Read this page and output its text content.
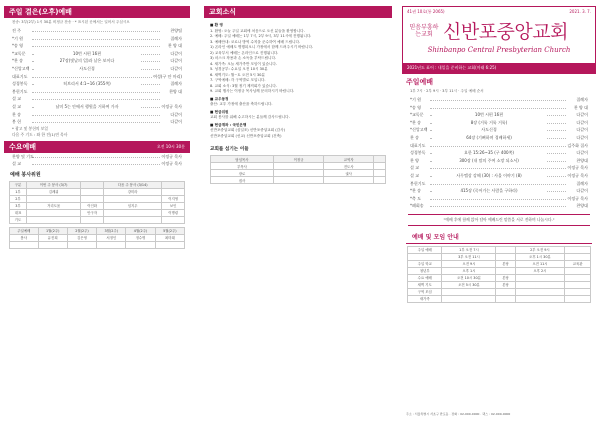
주일 결은(오후)예배
찬송: 3부(2부) 1시 30분 비정규 찬송 · * 표시된 곳에서는 일어서 주십시오
전 주	찬양팀
*기 원	집례자
*송 영	찬 양 대
*교독문	10번 시편 16편	다같이
*찬 송	27장(빛날의 일)과 날은 보이다	다같이
*신앙고백	사도신경	다같이
대표기도	여성(구 안 마리)
성경봉독	히브리서 4:1~16 (355쪽)	집례자
봉헌기도	찬양 대
설 교
설 교	남미 5는 안에서 행원을 거하여 가자	이정규 목사
찬 송	다같이
봉 헌	다같이
* 광고 및 봉헌의 보일
다음 주 기도 : 와 한 전(1)연 목사
수요예배	오전 10시 30분
찬양 및 기도	이정규 목사
설 교	이정규 목사
예배 봉사위원
구분	이번 주 봉사 (3/7)		다음 주 봉사 (3/14)	
1부	김례위		강미라	
2부				이지영
3부	거리도움	이인화	임지우	보인
대표		안구자		이병령
기도				
주일예배	1월(2주)	2월(2주)	3월(2주)	4월(2주)	5월(2주)
봉사	유진희	김은영	서정인	정수명	최미래

교회소식
■ 환 영
1. 환영: 오늘 주일 교회에 처음으로 오신 분들을 환영합니다.
2. 예배: 주일 예배는 1부 7시, 2부 9시, 3부 11시에 진행됩니다.
3. 예배안내: 코로나 방역 수칙을 준수하여 예배 드립니다.
1) 온라인 예배도 병행되오니 가정에서 함께 드려주시기 바랍니다.
2) 교육부서 예배는 온라인으로 진행됩니다.
3) 마스크 착용과 손 소독을 부탁드립니다.
4. 새가족: 오늘 새가족반 모임이 있습니다.
5. 성경공부: 수요일 오전 10시 30분
6. 새벽기도: 월~토 오전 5시 30분
7. 구역예배: 각 구역별로 모입니다.
8. 교회 소식: 3월 정기 제직회가 있습니다.
9. 교회 행사는 이정규 목사님께 문의하시기 바랍니다.
■ 교우동정
출산: 교우 가정에 출산을 축하드립니다.
■ 헌금위원
교회 봉사를 위해 수고하시는 분들께 감사드립니다.
■ 헌금계좌 : 국민은행
신반포중앙교회 (십일조) 신반포중앙교회 (감사)
신반포중앙교회 (선교) 신반포중앙교회 (건축)
교회를 섬기는 이들
담임목사	이정규	교역자	
부목사		전도사	
장로		권사	
집사			
41권 10호(통 2065)	2021. 3. 7.
믿음부흥하는교회 신반포중앙교회
Shinbanpo Central Presbyterian Church
2021년도 표어 : 내일을 준비하는 교회(마태 6:25)
주일예배
1부 7시 · 2부 9시 · 3부 11시 · 주일 예배 순서
*기 원	집례자
*송 영	찬 양 대
*교독문	10번 시편 16편	다같이
*찬 송	8장 (거룩 거룩 거룩)	다같이
*신앙고백	사도신경	다같이
찬 송	64장 (기뻐하며 경배하세)	다같이
대표기도	김주화 집사
성경봉독	요한 15:26~35 (구 400쪽)	다같이
찬 양	300장 (내 맘의 주여 소망 되소서)	찬양대
설 교	이정규 목사
설 교	사무엘상 강해 (30) : 사울 이야기 (8)	이정규 목사
봉헌기도	집례자
*찬 송	415장 (죽어가는 사람을 구하라)	다같이
*축 도	이정규 목사
*폐회송	찬양대
"예배 후에 함께 앉아 담아 예배드린 말씀을 서로 전하며 나눕시다."
예배 및 모임 안내
주일 예배	1부 오전 7시		2부 오전 9시	
	3부 오전 11시		오후 1시 30분	
주일 학교	오전 9시	본당	오전 11시	교육관
청년부	오후 1시		오후 2시	
수요 예배	오전 10시 30분	본당		
새벽 기도	오전 5시 30분	본당		
구역 모임				
새가족				
주소 : 서울특별시 서초구 반포동 · 전화 : 02-000-0000 · 팩스 : 02-000-0000
